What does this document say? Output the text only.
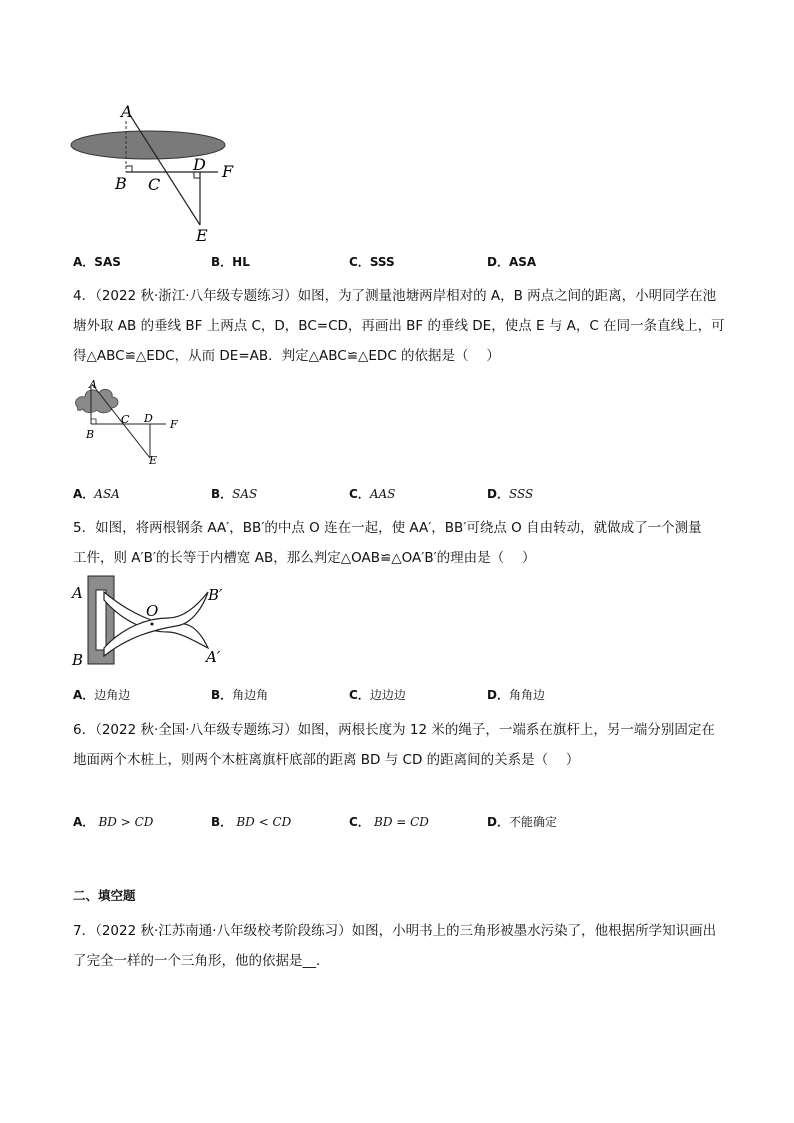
A
B C
D
E
F
A．SAS	B．HL	C．SSS	D．ASA
4．（2022 秋·浙江·八年级专题练习）如图，为了测量池塘两岸相对的 A，B 两点之间的距离，小明同学在池
塘外取 AB 的垂线 BF 上两点 C，D，BC=CD，再画出 BF 的垂线 DE，使点 E 与 A，C 在同一条直线上，可
得△ABC≌△EDC，从而 DE=AB．判定△ABC≌△EDC 的依据是（　 ）
A
B
C D
E
F
A．ASA	B．SAS	C．AAS	D．SSS
5．如图，将两根钢条 AA′，BB′的中点 O 连在一起，使 AA′，BB′可绕点 O 自由转动，就做成了一个测量
工件，则 A′B′的长等于内槽宽 AB，那么判定△OAB≌△OA′B′的理由是（　 ）
A
B
O
B′
A′
A．边角边	B．角边角	C．边边边	D．角角边
6．（2022 秋·全国·八年级专题练习）如图，两根长度为 12 米的绳子，一端系在旗杆上，另一端分别固定在
地面两个木桩上，则两个木桩离旗杆底部的距离 BD 与 CD 的距离间的关系是（　 ）
A． BD > CD	B． BD < CD	C． BD = CD	D．不能确定
二、填空题
7．（2022 秋·江苏南通·八年级校考阶段练习）如图，小明书上的三角形被墨水污染了，他根据所学知识画出
了完全一样的一个三角形，他的依据是__．
